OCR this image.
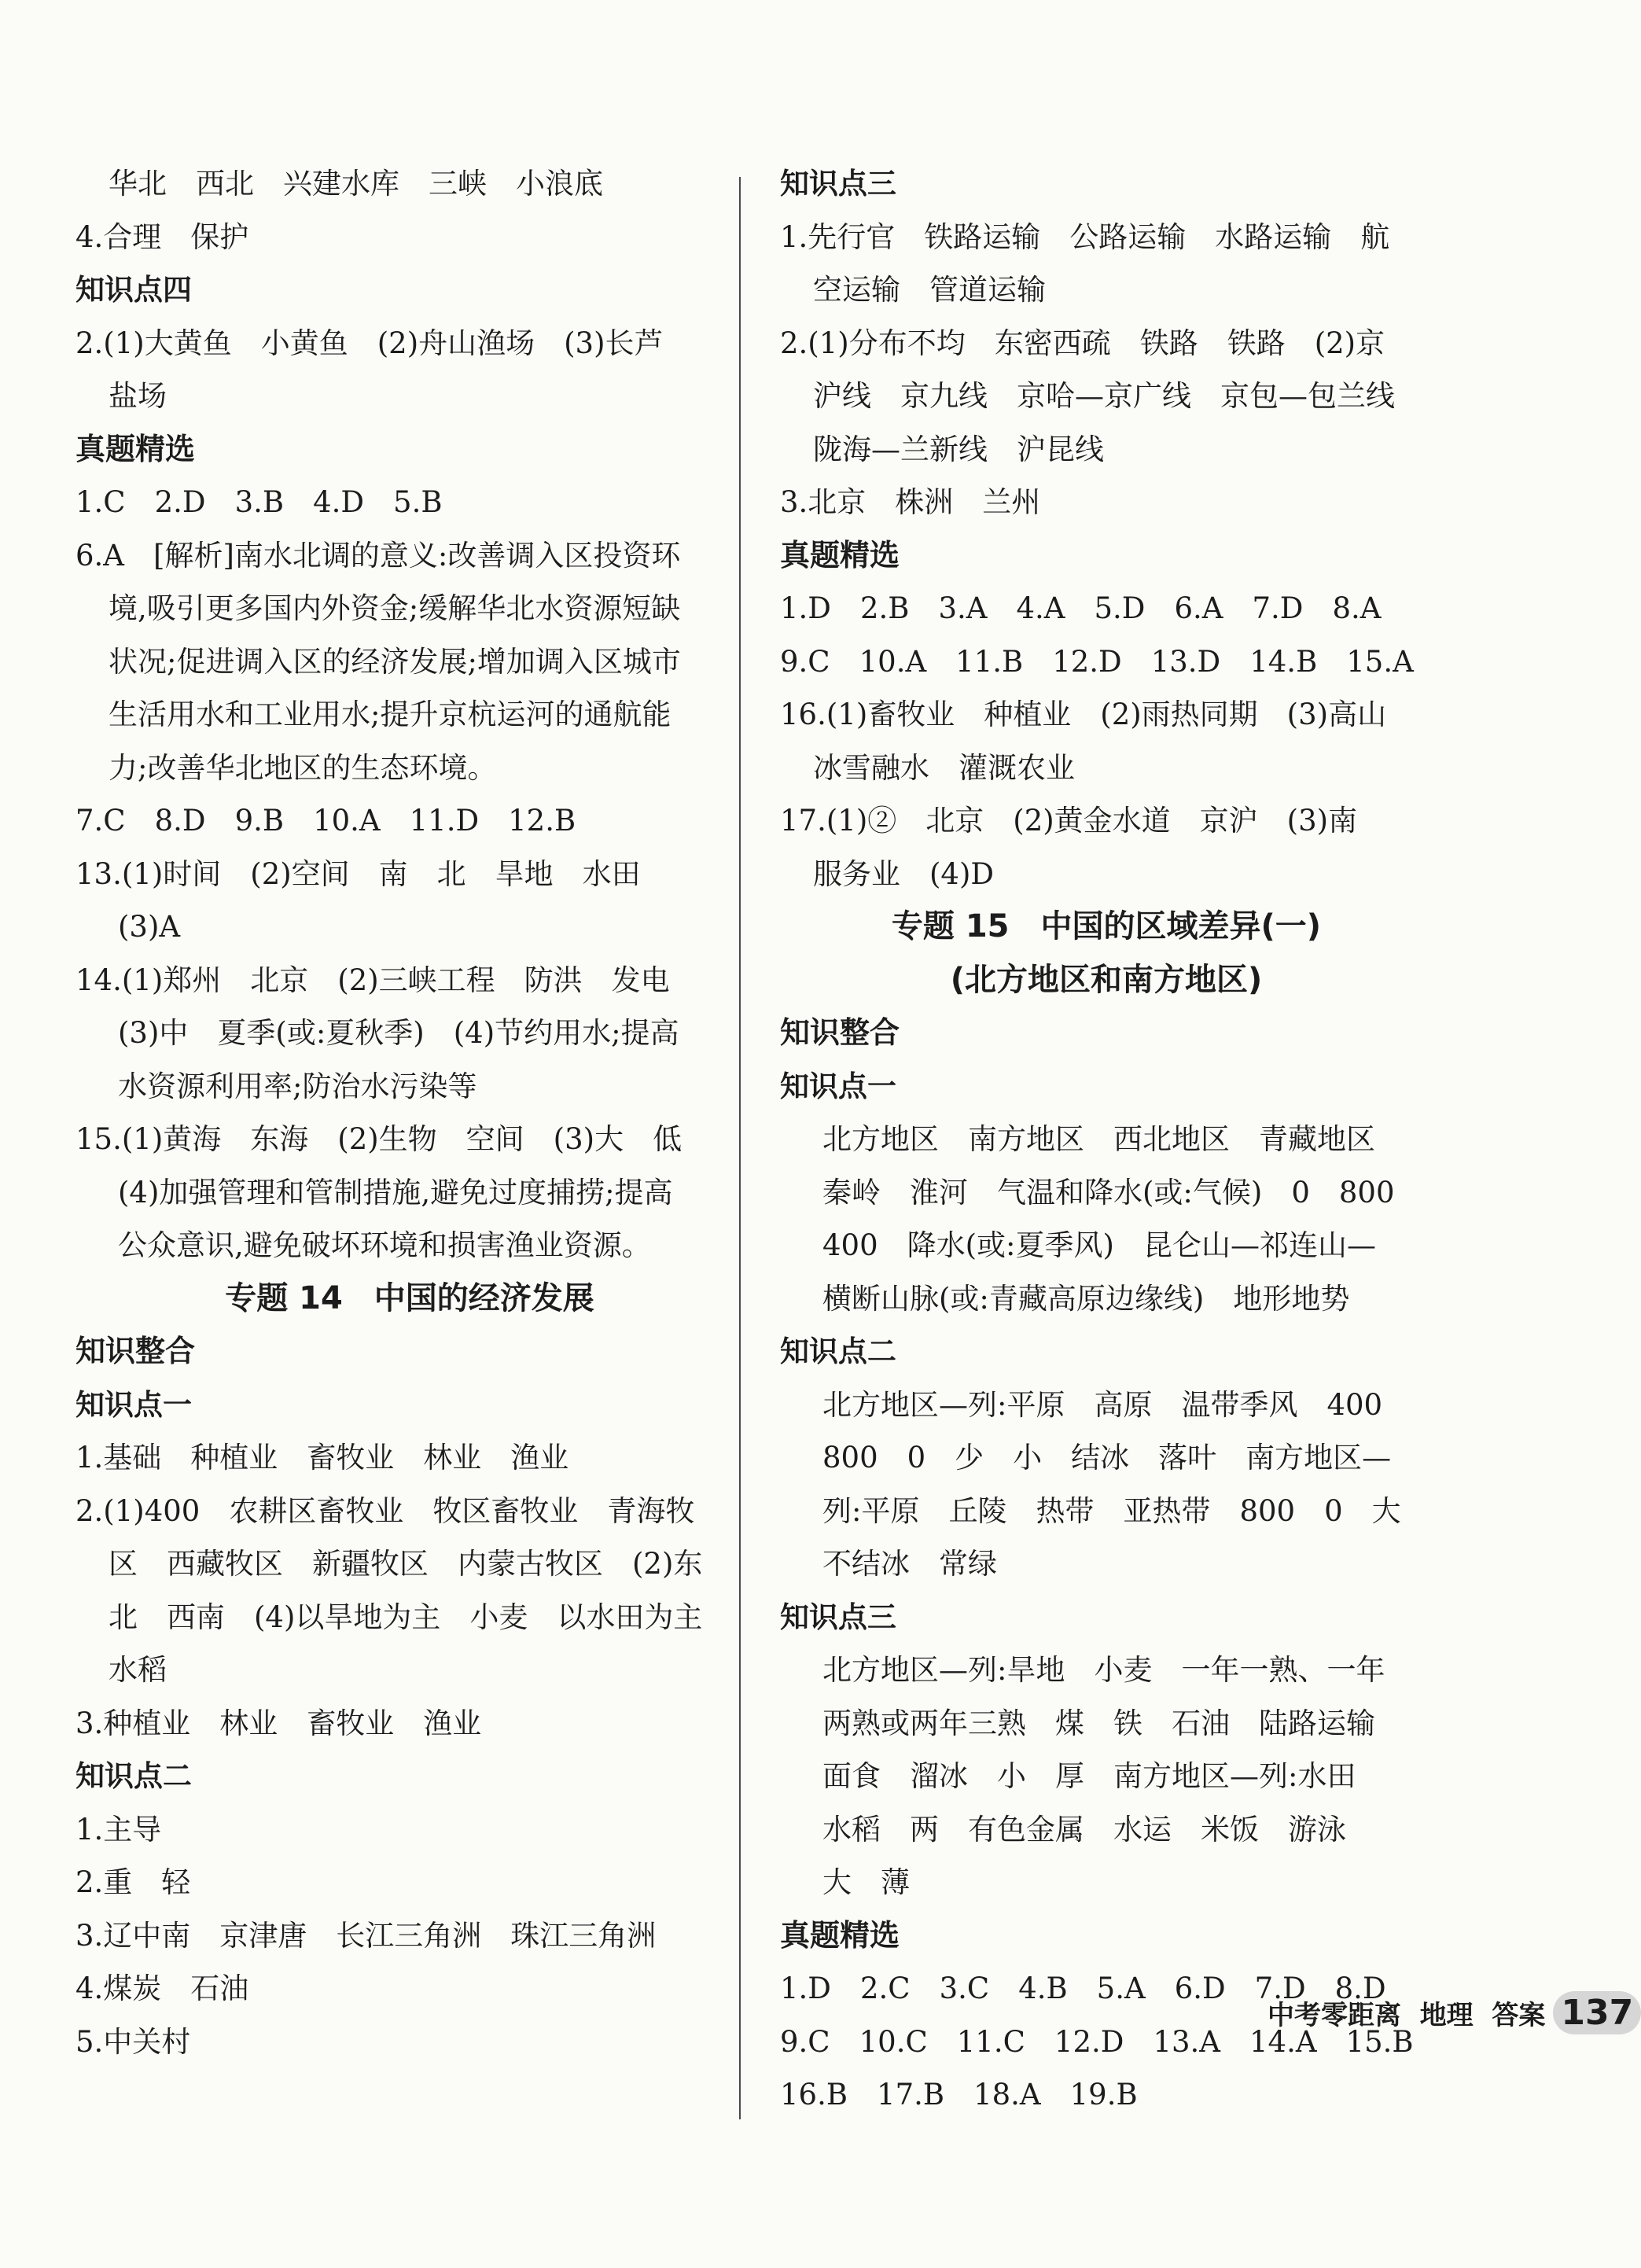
华北　西北　兴建水库　三峡　小浪底
4.合理　保护
知识点四
2.(1)大黄鱼　小黄鱼　(2)舟山渔场　(3)长芦
盐场
真题精选
1.C　2.D　3.B　4.D　5.B
6.A　[解析]南水北调的意义:改善调入区投资环
境,吸引更多国内外资金;缓解华北水资源短缺
状况;促进调入区的经济发展;增加调入区城市
生活用水和工业用水;提升京杭运河的通航能
力;改善华北地区的生态环境。
7.C　8.D　9.B　10.A　11.D　12.B
13.(1)时间　(2)空间　南　北　旱地　水田
(3)A
14.(1)郑州　北京　(2)三峡工程　防洪　发电
(3)中　夏季(或:夏秋季)　(4)节约用水;提高
水资源利用率;防治水污染等
15.(1)黄海　东海　(2)生物　空间　(3)大　低
(4)加强管理和管制措施,避免过度捕捞;提高
公众意识,避免破坏环境和损害渔业资源。
专题 14　中国的经济发展
知识整合
知识点一
1.基础　种植业　畜牧业　林业　渔业
2.(1)400　农耕区畜牧业　牧区畜牧业　青海牧
区　西藏牧区　新疆牧区　内蒙古牧区　(2)东
北　西南　(4)以旱地为主　小麦　以水田为主
水稻
3.种植业　林业　畜牧业　渔业
知识点二
1.主导
2.重　轻
3.辽中南　京津唐　长江三角洲　珠江三角洲
4.煤炭　石油
5.中关村
知识点三
1.先行官　铁路运输　公路运输　水路运输　航
空运输　管道运输
2.(1)分布不均　东密西疏　铁路　铁路　(2)京
沪线　京九线　京哈—京广线　京包—包兰线
陇海—兰新线　沪昆线
3.北京　株洲　兰州
真题精选
1.D　2.B　3.A　4.A　5.D　6.A　7.D　8.A
9.C　10.A　11.B　12.D　13.D　14.B　15.A
16.(1)畜牧业　种植业　(2)雨热同期　(3)高山
冰雪融水　灌溉农业
17.(1)②　北京　(2)黄金水道　京沪　(3)南
服务业　(4)D
专题 15　中国的区域差异(一)
(北方地区和南方地区)
知识整合
知识点一
北方地区　南方地区　西北地区　青藏地区
秦岭　淮河　气温和降水(或:气候)　0　800
400　降水(或:夏季风)　昆仑山—祁连山—
横断山脉(或:青藏高原边缘线)　地形地势
知识点二
北方地区—列:平原　高原　温带季风　400
800　0　少　小　结冰　落叶　南方地区—
列:平原　丘陵　热带　亚热带　800　0　大
不结冰　常绿
知识点三
北方地区—列:旱地　小麦　一年一熟、一年
两熟或两年三熟　煤　铁　石油　陆路运输
面食　溜冰　小　厚　南方地区—列:水田
水稻　两　有色金属　水运　米饭　游泳
大　薄
真题精选
1.D　2.C　3.C　4.B　5.A　6.D　7.D　8.D
9.C　10.C　11.C　12.D　13.A　14.A　15.B
16.B　17.B　18.A　19.B
中考零距离
地理
答案 137
